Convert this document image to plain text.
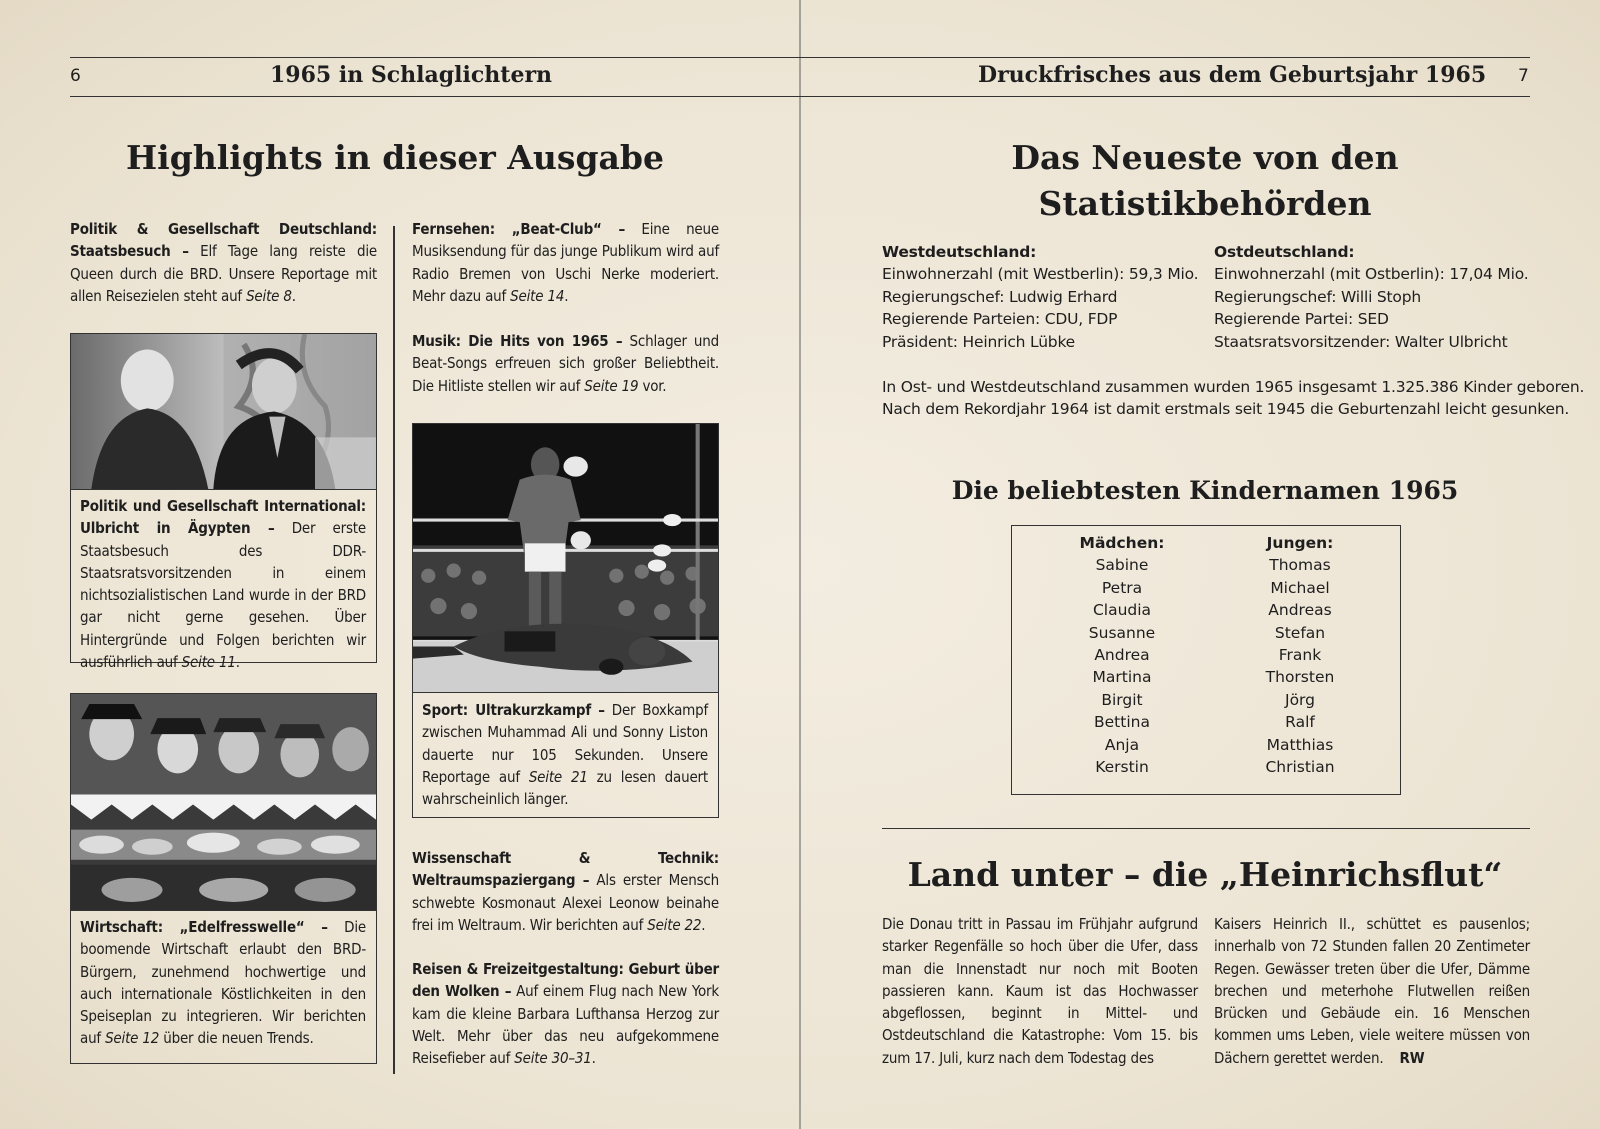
6	1965 in Schlaglichtern
Highlights in dieser Ausgabe
Politik & Gesellschaft Deutschland: Staatsbesuch – Elf Tage lang reiste die Queen durch die BRD. Unsere Reportage mit allen Reisezielen steht auf Seite 8.
Politik und Gesellschaft International: Ulbricht in Ägypten – Der erste Staatsbesuch des DDR-Staatsratsvorsitzenden in einem nichtsozialistischen Land wurde in der BRD gar nicht gerne gesehen. Über Hintergründe und Folgen berichten wir ausführlich auf Seite 11.
Wirtschaft: „Edelfresswelle“ – Die boomende Wirtschaft erlaubt den BRD-Bürgern, zunehmend hochwertige und auch internationale Köstlichkeiten in den Speiseplan zu integrieren. Wir berichten auf Seite 12 über die neuen Trends.
Fernsehen: „Beat-Club“ – Eine neue Musiksendung für das junge Publikum wird auf Radio Bremen von Uschi Nerke moderiert. Mehr dazu auf Seite 14.
Musik: Die Hits von 1965 – Schlager und Beat-Songs erfreuen sich großer Beliebtheit. Die Hitliste stellen wir auf Seite 19 vor.
Sport: Ultrakurzkampf – Der Boxkampf zwischen Muhammad Ali und Sonny Liston dauerte nur 105 Sekunden. Unsere Reportage auf Seite 21 zu lesen dauert wahrscheinlich länger.
Wissenschaft & Technik: Weltraumspaziergang – Als erster Mensch schwebte Kosmonaut Alexei Leonow beinahe frei im Weltraum. Wir berichten auf Seite 22.
Reisen & Freizeitgestaltung: Geburt über den Wolken – Auf einem Flug nach New York kam die kleine Barbara Lufthansa Herzog zur Welt. Mehr über das neu aufgekommene Reisefieber auf Seite 30–31.
Druckfrisches aus dem Geburtsjahr 1965 7
Das Neueste von den
Statistikbehörden
Westdeutschland:
Einwohnerzahl (mit Westberlin): 59,3 Mio.
Regierungschef: Ludwig Erhard
Regierende Parteien: CDU, FDP
Präsident: Heinrich Lübke
Ostdeutschland:
Einwohnerzahl (mit Ostberlin): 17,04 Mio.
Regierungschef: Willi Stoph
Regierende Partei: SED
Staatsratsvorsitzender: Walter Ulbricht
In Ost- und Westdeutschland zusammen wurden 1965 insgesamt 1.325.386 Kinder geboren.
Nach dem Rekordjahr 1964 ist damit erstmals seit 1945 die Geburtenzahl leicht gesunken.
Die beliebtesten Kindernamen 1965
Mädchen:
Sabine
Petra
Claudia
Susanne
Andrea
Martina
Birgit
Bettina
Anja
Kerstin
Jungen:
Thomas
Michael
Andreas
Stefan
Frank
Thorsten
Jörg
Ralf
Matthias
Christian
Land unter – die „Heinrichsflut“
Die Donau tritt in Passau im Frühjahr aufgrund starker Regenfälle so hoch über die Ufer, dass man die Innenstadt nur noch mit Booten passieren kann. Kaum ist das Hochwasser abgeflossen, beginnt in Mittel- und Ostdeutschland die Katastrophe: Vom 15. bis zum 17. Juli, kurz nach dem Todestag des
Kaisers Heinrich II., schüttet es pausenlos; innerhalb von 72 Stunden fallen 20 Zentimeter Regen. Gewässer treten über die Ufer, Dämme brechen und meterhohe Flutwellen reißen Brücken und Gebäude ein. 16 Menschen kommen ums Leben, viele weitere müssen von Dächern gerettet werden. RW
